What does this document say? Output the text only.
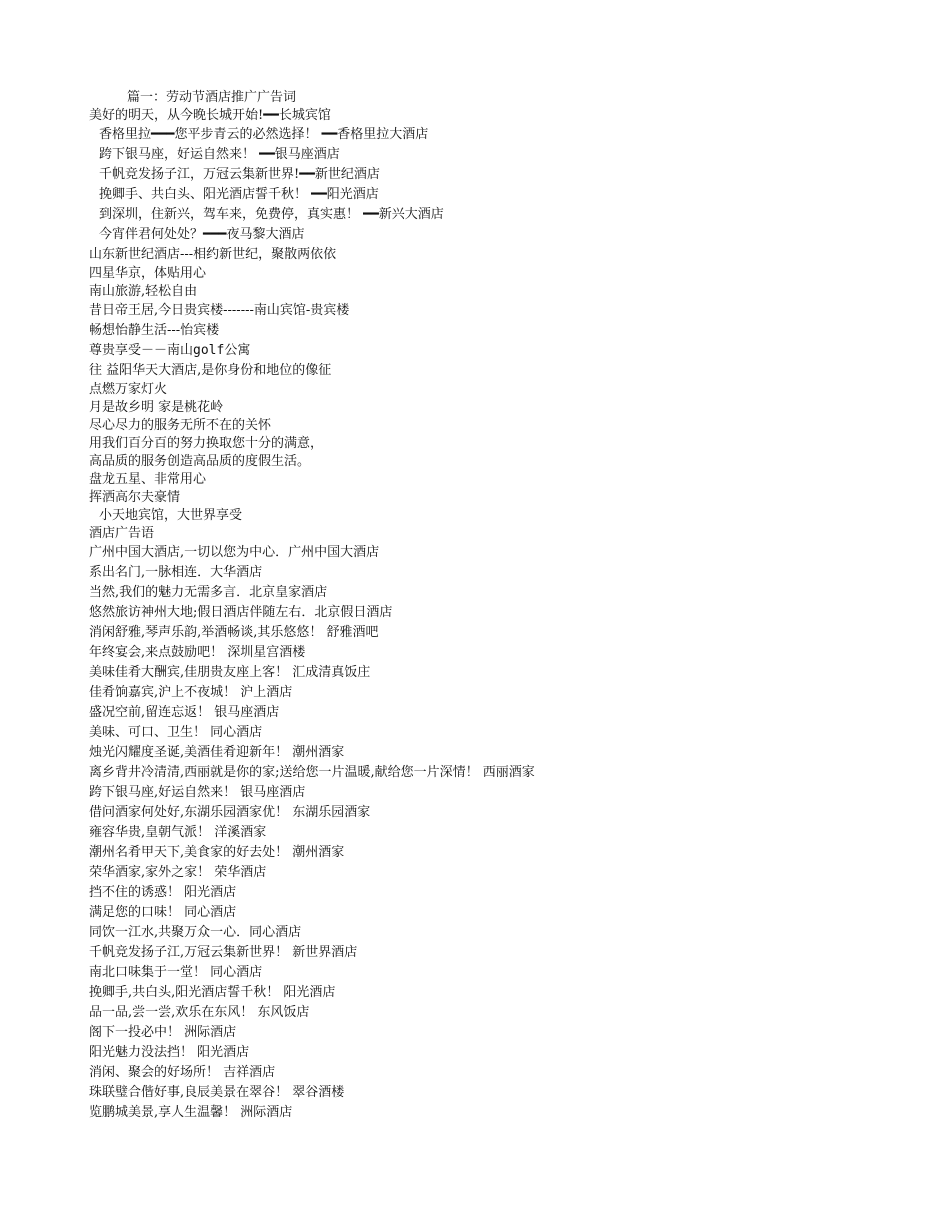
篇一：劳动节酒店推广广告词
美好的明天，从今晚长城开始!━━长城宾馆
香格里拉━━━您平步青云的必然选择！ ━━香格里拉大酒店
跨下银马座，好运自然来！ ━━银马座酒店
千帆竞发扬子江，万冠云集新世界!━━新世纪酒店
挽卿手、共白头、阳光酒店誓千秋！ ━━阳光酒店
到深圳，住新兴，驾车来，免费停，真实惠！ ━━新兴大酒店
今宵伴君何处处？━━━夜马黎大酒店
山东新世纪酒店---相约新世纪，聚散两依依
四星华京，体贴用心
南山旅游,轻松自由
昔日帝王居,今日贵宾楼-------南山宾馆-贵宾楼
畅想怡静生活---怡宾楼
尊贵享受－－南山golf公寓
往 益阳华天大酒店,是你身份和地位的像征
点燃万家灯火
月是故乡明 家是桃花岭
尽心尽力的服务无所不在的关怀
用我们百分百的努力换取您十分的满意，
高品质的服务创造高品质的度假生活。
盘龙五星、非常用心
挥洒高尔夫豪情
小天地宾馆，大世界享受
酒店广告语
广州中国大酒店,一切以您为中心．广州中国大酒店
系出名门,一脉相连．大华酒店
当然,我们的魅力无需多言．北京皇家酒店
悠然旅访神州大地;假日酒店伴随左右．北京假日酒店
消闲舒雅,琴声乐韵,举酒畅谈,其乐悠悠！ 舒雅酒吧
年终宴会,来点鼓励吧！ 深圳星宫酒楼
美味佳肴大酬宾,佳朋贵友座上客！ 汇成清真饭庄
佳肴饷嘉宾,沪上不夜城！ 沪上酒店
盛况空前,留连忘返！ 银马座酒店
美味、可口、卫生！ 同心酒店
烛光闪耀度圣诞,美酒佳肴迎新年！ 潮州酒家
离乡背井冷清清,西丽就是你的家;送给您一片温暖,献给您一片深情！ 西丽酒家
跨下银马座,好运自然来！ 银马座酒店
借问酒家何处好,东湖乐园酒家优！ 东湖乐园酒家
雍容华贵,皇朝气派！ 洋溪酒家
潮州名肴甲天下,美食家的好去处！ 潮州酒家
荣华酒家,家外之家！ 荣华酒店
挡不住的诱惑！ 阳光酒店
满足您的口味！ 同心酒店
同饮一江水,共聚万众一心．同心酒店
千帆竞发扬子江,万冠云集新世界！ 新世界酒店
南北口味集于一堂！ 同心酒店
挽卿手,共白头,阳光酒店誓千秋！ 阳光酒店
品一品,尝一尝,欢乐在东风！ 东风饭店
阁下一投必中！ 洲际酒店
阳光魅力没法挡！ 阳光酒店
消闲、聚会的好场所！ 吉祥酒店
珠联璧合偕好事,良辰美景在翠谷！ 翠谷酒楼
览鹏城美景,享人生温馨！ 洲际酒店
